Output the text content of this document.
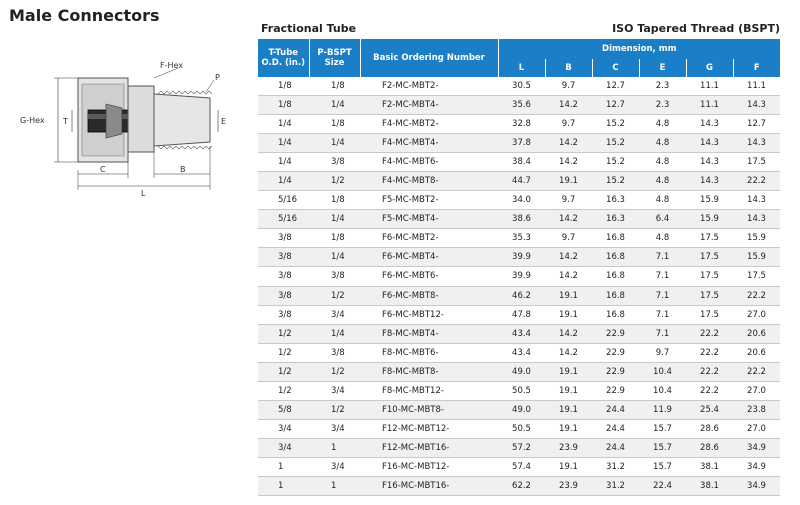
Male Connectors
F-Hex
P
G-Hex T	E
C	B
L
Fractional Tube	ISO Tapered Thread (BSPT)
T-Tube O.D. (in.)	P-BSPT Size	Basic Ordering Number	Dimension, mm					
			L	B	C	E	G	F
1/8	1/8	F2-MC-MBT2-	30.5	9.7	12.7	2.3	11.1	11.1
1/8	1/4	F2-MC-MBT4-	35.6	14.2	12.7	2.3	11.1	14.3
1/4	1/8	F4-MC-MBT2-	32.8	9.7	15.2	4.8	14.3	12.7
1/4	1/4	F4-MC-MBT4-	37.8	14.2	15.2	4.8	14.3	14.3
1/4	3/8	F4-MC-MBT6-	38.4	14.2	15.2	4.8	14.3	17.5
1/4	1/2	F4-MC-MBT8-	44.7	19.1	15.2	4.8	14.3	22.2
5/16	1/8	F5-MC-MBT2-	34.0	9.7	16.3	4.8	15.9	14.3
5/16	1/4	F5-MC-MBT4-	38.6	14.2	16.3	6.4	15.9	14.3
3/8	1/8	F6-MC-MBT2-	35.3	9.7	16.8	4.8	17.5	15.9
3/8	1/4	F6-MC-MBT4-	39.9	14.2	16.8	7.1	17.5	15.9
3/8	3/8	F6-MC-MBT6-	39.9	14.2	16.8	7.1	17.5	17.5
3/8	1/2	F6-MC-MBT8-	46.2	19.1	16.8	7.1	17.5	22.2
3/8	3/4	F6-MC-MBT12-	47.8	19.1	16.8	7.1	17.5	27.0
1/2	1/4	F8-MC-MBT4-	43.4	14.2	22.9	7.1	22.2	20.6
1/2	3/8	F8-MC-MBT6-	43.4	14.2	22.9	9.7	22.2	20.6
1/2	1/2	F8-MC-MBT8-	49.0	19.1	22.9	10.4	22.2	22.2
1/2	3/4	F8-MC-MBT12-	50.5	19.1	22.9	10.4	22.2	27.0
5/8	1/2	F10-MC-MBT8-	49.0	19.1	24.4	11.9	25.4	23.8
3/4	3/4	F12-MC-MBT12-	50.5	19.1	24.4	15.7	28.6	27.0
3/4	1	F12-MC-MBT16-	57.2	23.9	24.4	15.7	28.6	34.9
1	3/4	F16-MC-MBT12-	57.4	19.1	31.2	15.7	38.1	34.9
1	1	F16-MC-MBT16-	62.2	23.9	31.2	22.4	38.1	34.9
